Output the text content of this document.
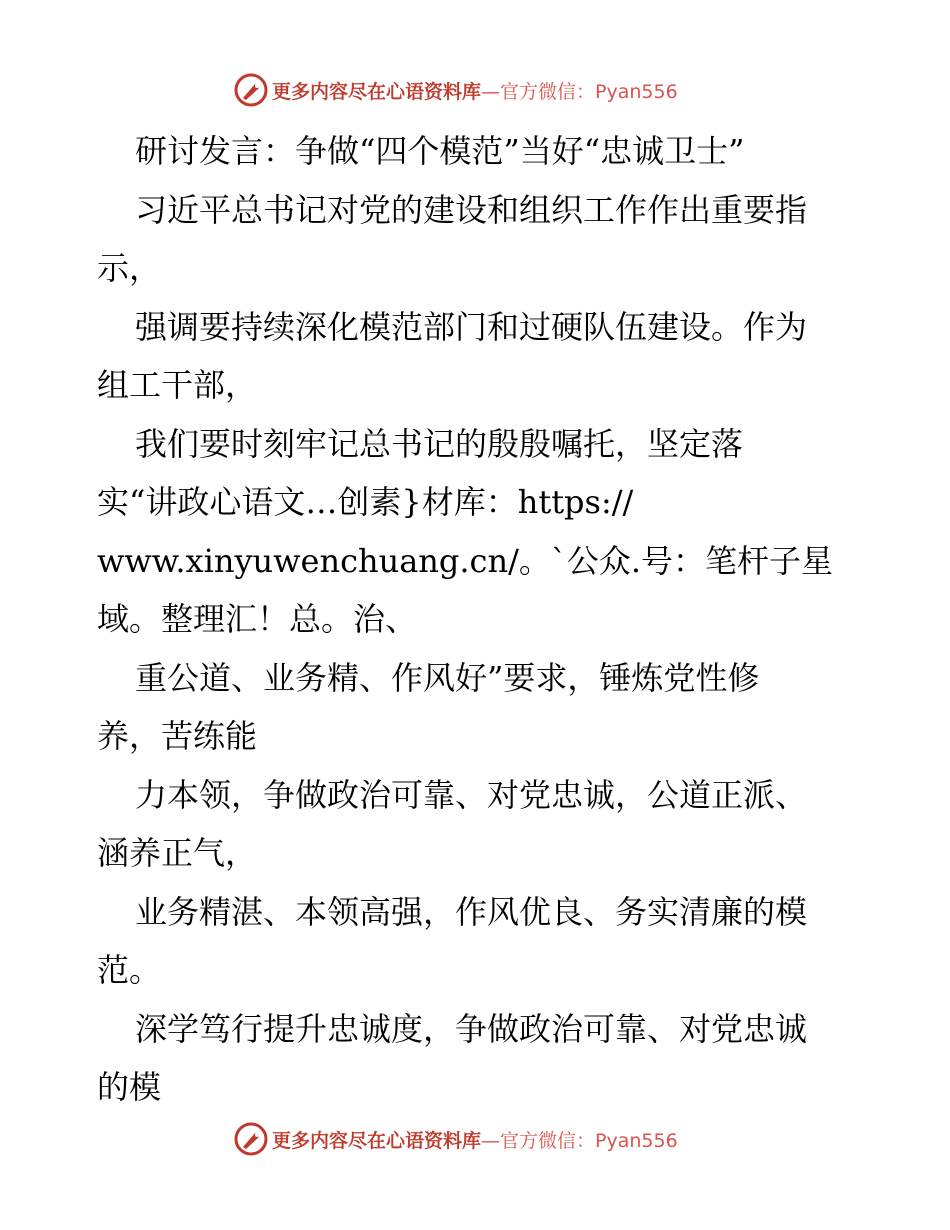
更多内容尽在心语资料库 —官方微信：Pyan556
研讨发言：争做“四个模范”当好“忠诚卫士”
习近平总书记对党的建设和组织工作作出重要指
示，
强调要持续深化模范部门和过硬队伍建设。作为
组工干部，
我们要时刻牢记总书记的殷殷嘱托，坚定落
实“讲政心语文…创素}材库：https://
www.xinyuwenchuang.cn/。`公众.号：笔杆子星
域。整理汇！总。治、
重公道、业务精、作风好”要求，锤炼党性修
养，苦练能
力本领，争做政治可靠、对党忠诚，公道正派、
涵养正气，
业务精湛、本领高强，作风优良、务实清廉的模
范。
深学笃行提升忠诚度，争做政治可靠、对党忠诚
的模
更多内容尽在心语资料库 —官方微信：Pyan556
